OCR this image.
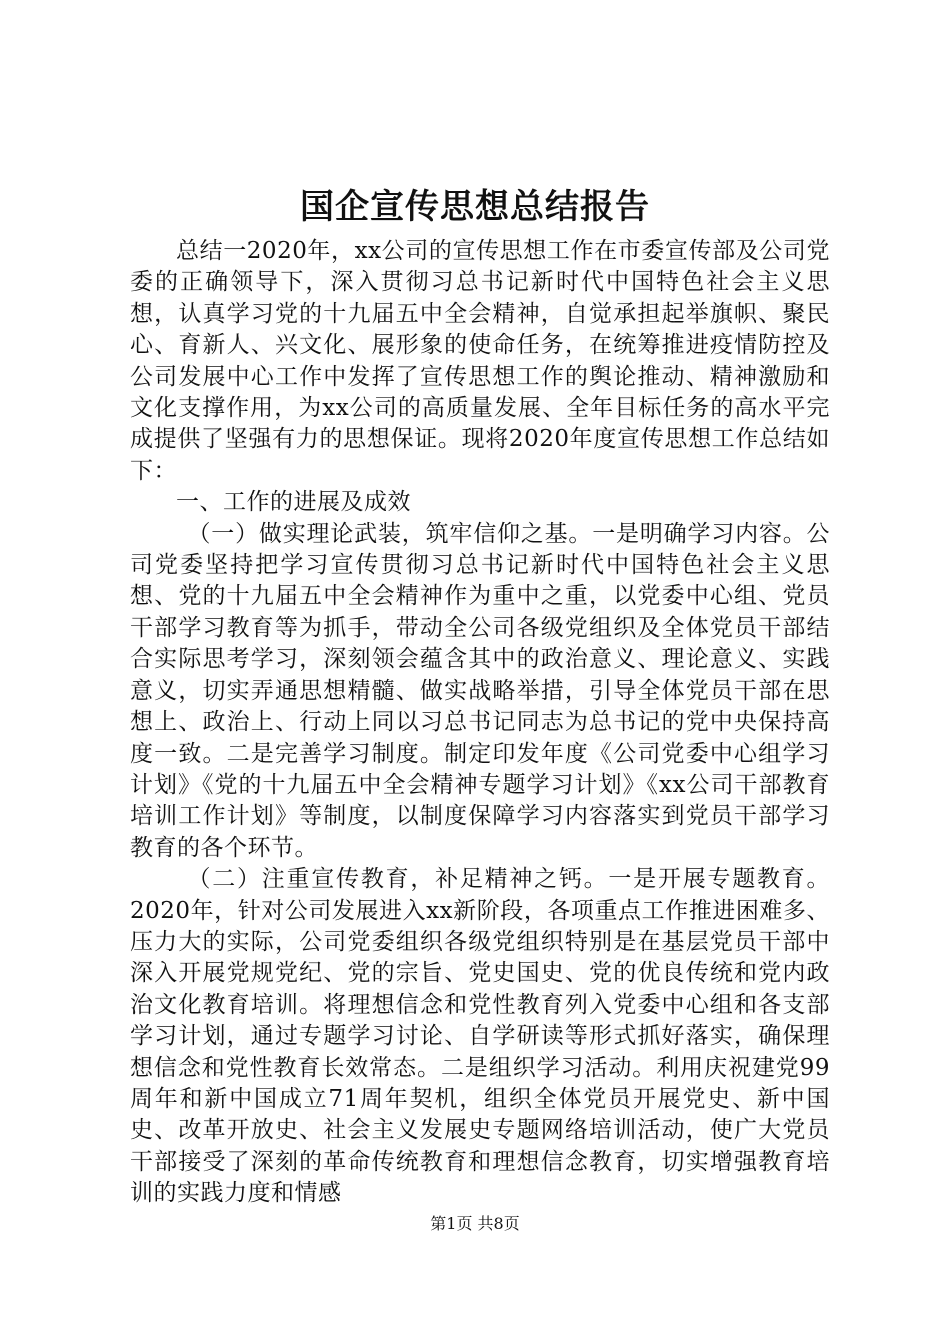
国企宣传思想总结报告

总结一2020年，xx公司的宣传思想工作在市委宣传部及公司党委的正确领导下，深入贯彻习总书记新时代中国特色社会主义思想，认真学习党的十九届五中全会精神，自觉承担起举旗帜、聚民心、育新人、兴文化、展形象的使命任务，在统筹推进疫情防控及公司发展中心工作中发挥了宣传思想工作的舆论推动、精神激励和文化支撑作用，为xx公司的高质量发展、全年目标任务的高水平完成提供了坚强有力的思想保证。现将2020年度宣传思想工作总结如下：

一、工作的进展及成效

（一）做实理论武装，筑牢信仰之基。一是明确学习内容。公司党委坚持把学习宣传贯彻习总书记新时代中国特色社会主义思想、党的十九届五中全会精神作为重中之重，以党委中心组、党员干部学习教育等为抓手，带动全公司各级党组织及全体党员干部结合实际思考学习，深刻领会蕴含其中的政治意义、理论意义、实践意义，切实弄通思想精髓、做实战略举措，引导全体党员干部在思想上、政治上、行动上同以习总书记同志为总书记的党中央保持高度一致。二是完善学习制度。制定印发年度《公司党委中心组学习计划》《党的十九届五中全会精神专题学习计划》《xx公司干部教育培训工作计划》等制度，以制度保障学习内容落实到党员干部学习教育的各个环节。

（二）注重宣传教育，补足精神之钙。一是开展专题教育。2020年，针对公司发展进入xx新阶段，各项重点工作推进困难多、压力大的实际，公司党委组织各级党组织特别是在基层党员干部中深入开展党规党纪、党的宗旨、党史国史、党的优良传统和党内政治文化教育培训。将理想信念和党性教育列入党委中心组和各支部学习计划，通过专题学习讨论、自学研读等形式抓好落实，确保理想信念和党性教育长效常态。二是组织学习活动。利用庆祝建党99周年和新中国成立71周年契机，组织全体党员开展党史、新中国史、改革开放史、社会主义发展史专题网络培训活动，使广大党员干部接受了深刻的革命传统教育和理想信念教育，切实增强教育培训的实践力度和情感

第1页 共8页
